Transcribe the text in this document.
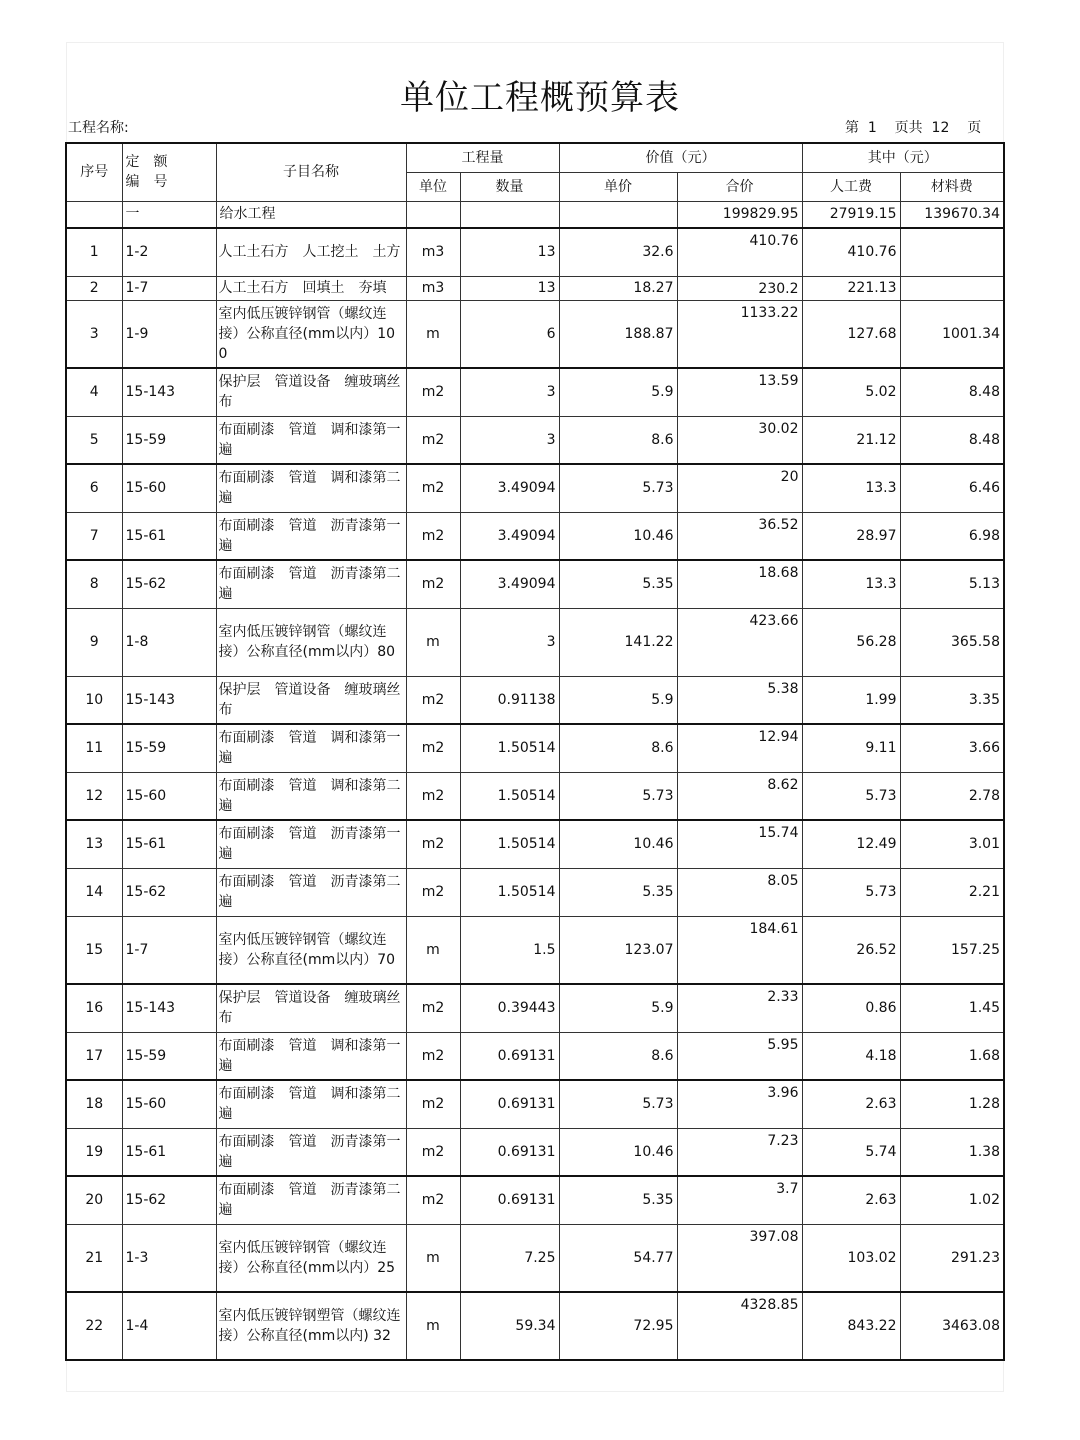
单位工程概预算表
工程名称:	第 1 页共 12 页
序号	定　额
编　号	子目名称	工程量		价值（元）		其中（元）	
			单位	数量	单价	合价	人工费	材料费
	一	给水工程				199829.95	27919.15	139670.34
1	1-2	人工土石方　人工挖土　土方	m3	13	32.6	410.76	410.76	
2	1-7	人工土石方　回填土　夯填	m3	13	18.27	230.2	221.13	
3	1-9	室内低压镀锌钢管（螺纹连接）公称直径(mm以内）100	m	6	188.87	1133.22	127.68	1001.34
4	15-143	保护层　管道设备　缠玻璃丝布	m2	3	5.9	13.59	5.02	8.48
5	15-59	布面刷漆　管道　调和漆第一遍	m2	3	8.6	30.02	21.12	8.48
6	15-60	布面刷漆　管道　调和漆第二遍	m2	3.49094	5.73	20	13.3	6.46
7	15-61	布面刷漆　管道　沥青漆第一遍	m2	3.49094	10.46	36.52	28.97	6.98
8	15-62	布面刷漆　管道　沥青漆第二遍	m2	3.49094	5.35	18.68	13.3	5.13
9	1-8	室内低压镀锌钢管（螺纹连接）公称直径(mm以内）80	m	3	141.22	423.66	56.28	365.58
10	15-143	保护层　管道设备　缠玻璃丝布	m2	0.91138	5.9	5.38	1.99	3.35
11	15-59	布面刷漆　管道　调和漆第一遍	m2	1.50514	8.6	12.94	9.11	3.66
12	15-60	布面刷漆　管道　调和漆第二遍	m2	1.50514	5.73	8.62	5.73	2.78
13	15-61	布面刷漆　管道　沥青漆第一遍	m2	1.50514	10.46	15.74	12.49	3.01
14	15-62	布面刷漆　管道　沥青漆第二遍	m2	1.50514	5.35	8.05	5.73	2.21
15	1-7	室内低压镀锌钢管（螺纹连接）公称直径(mm以内）70	m	1.5	123.07	184.61	26.52	157.25
16	15-143	保护层　管道设备　缠玻璃丝布	m2	0.39443	5.9	2.33	0.86	1.45
17	15-59	布面刷漆　管道　调和漆第一遍	m2	0.69131	8.6	5.95	4.18	1.68
18	15-60	布面刷漆　管道　调和漆第二遍	m2	0.69131	5.73	3.96	2.63	1.28
19	15-61	布面刷漆　管道　沥青漆第一遍	m2	0.69131	10.46	7.23	5.74	1.38
20	15-62	布面刷漆　管道　沥青漆第二遍	m2	0.69131	5.35	3.7	2.63	1.02
21	1-3	室内低压镀锌钢管（螺纹连接）公称直径(mm以内）25	m	7.25	54.77	397.08	103.02	291.23
22	1-4	室内低压镀锌钢塑管（螺纹连接）公称直径(mm以内) 32	m	59.34	72.95	4328.85	843.22	3463.08
